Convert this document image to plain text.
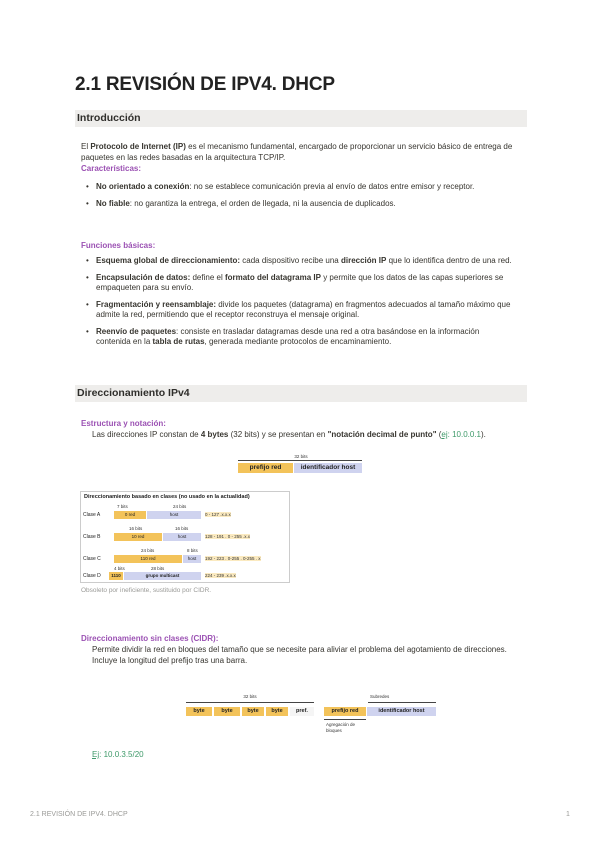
2.1 REVISIÓN DE IPV4. DHCP
Introducción
El Protocolo de Internet (IP) es el mecanismo fundamental, encargado de proporcionar un servicio básico de entrega de paquetes en las redes basadas en la arquitectura TCP/IP.
Características:
• No orientado a conexión: no se establece comunicación previa al envío de datos entre emisor y receptor.
• No fiable: no garantiza la entrega, el orden de llegada, ni la ausencia de duplicados.
Funciones básicas:
• Esquema global de direccionamiento: cada dispositivo recibe una dirección IP que lo identifica dentro de una red.
• Encapsulación de datos: define el formato del datagrama IP y permite que los datos de las capas superiores se empaqueten para su envío.
• Fragmentación y reensamblaje: divide los paquetes (datagrama) en fragmentos adecuados al tamaño máximo que admite la red, permitiendo que el receptor reconstruya el mensaje original.
• Reenvío de paquetes: consiste en trasladar datagramas desde una red a otra basándose en la información contenida en la tabla de rutas, generada mediante protocolos de encaminamiento.
Direccionamiento IPv4
Estructura y notación:
Las direcciones IP constan de 4 bytes (32 bits) y se presentan en "notación decimal de punto" (ej: 10.0.0.1).
32 bits
prefijo red	identificador host
Direccionamiento basado en clases (no usado en la actualidad)
7 bits	24 bits
Clase A	0 red	host	0 - 127 .x.x.x
16 bits	16 bits
Clase B	10 red	host	128 - 191 . 0 - 255 .x.x
24 bits	8 bits
Clase C	110 red	host	192 - 223 . 0-255 . 0-255 . x
4 bits	28 bits
Clase D	1110	grupo multicast	224 - 239 .x.x.x
Obsoleto por ineficiente, sustituido por CIDR.
Direccionamiento sin clases (CIDR):
Permite dividir la red en bloques del tamaño que se necesite para aliviar el problema del agotamiento de direcciones.
Incluye la longitud del prefijo tras una barra.
32 bits
byte	byte	byte	byte	pref.
Subredes
prefijo red	identificador host
Agregación de bloques
Ej: 10.0.3.5/20
2.1 REVISIÓN DE IPV4. DHCP	1
